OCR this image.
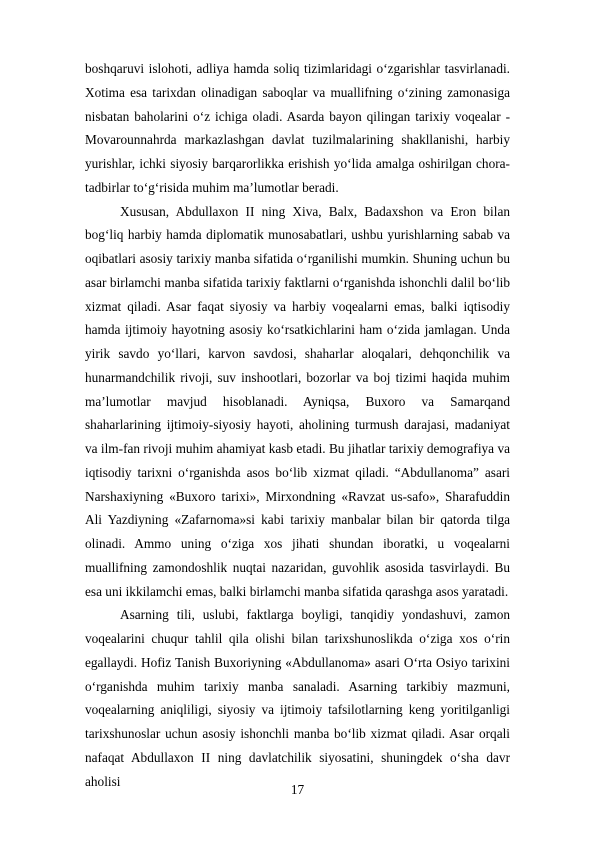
boshqaruvi islohoti, adliya hamda soliq tizimlaridagi o‘zgarishlar tasvirlanadi. Xotima esa tarixdan olinadigan saboqlar va muallifning o‘zining zamonasiga nisbatan baholarini o‘z ichiga oladi. Asarda bayon qilingan tarixiy voqealar - Movarounnahrda markazlashgan davlat tuzilmalarining shakllanishi, harbiy yurishlar, ichki siyosiy barqarorlikka erishish yo‘lida amalga oshirilgan chora-tadbirlar to‘g‘risida muhim ma’lumotlar beradi.

Xususan, Abdullaxon II ning Xiva, Balx, Badaxshon va Eron bilan bog‘liq harbiy hamda diplomatik munosabatlari, ushbu yurishlarning sabab va oqibatlari asosiy tarixiy manba sifatida o‘rganilishi mumkin. Shuning uchun bu asar birlamchi manba sifatida tarixiy faktlarni o‘rganishda ishonchli dalil bo‘lib xizmat qiladi. Asar faqat siyosiy va harbiy voqealarni emas, balki iqtisodiy hamda ijtimoiy hayotning asosiy ko‘rsatkichlarini ham o‘zida jamlagan. Unda yirik savdo yo‘llari, karvon savdosi, shaharlar aloqalari, dehqonchilik va hunarmandchilik rivoji, suv inshootlari, bozorlar va boj tizimi haqida muhim ma’lumotlar mavjud hisoblanadi. Ayniqsa, Buxoro va Samarqand shaharlarining ijtimoiy-siyosiy hayoti, aholining turmush darajasi, madaniyat va ilm-fan rivoji muhim ahamiyat kasb etadi. Bu jihatlar tarixiy demografiya va iqtisodiy tarixni o‘rganishda asos bo‘lib xizmat qiladi. “Abdullanoma” asari Narshaxiyning «Buxoro tarixi», Mirxondning «Ravzat us-safo», Sharafuddin Ali Yazdiyning «Zafarnoma»si kabi tarixiy manbalar bilan bir qatorda tilga olinadi. Ammo uning o‘ziga xos jihati shundan iboratki, u voqealarni muallifning zamondoshlik nuqtai nazaridan, guvohlik asosida tasvirlaydi. Bu esa uni ikkilamchi emas, balki birlamchi manba sifatida qarashga asos yaratadi.

Asarning tili, uslubi, faktlarga boyligi, tanqidiy yondashuvi, zamon voqealarini chuqur tahlil qila olishi bilan tarixshunoslikda o‘ziga xos o‘rin egallaydi. Hofiz Tanish Buxoriyning «Abdullanoma» asari O‘rta Osiyo tarixini o‘rganishda muhim tarixiy manba sanaladi. Asarning tarkibiy mazmuni, voqealarning aniqliligi, siyosiy va ijtimoiy tafsilotlarning keng yoritilganligi tarixshunoslar uchun asosiy ishonchli manba bo‘lib xizmat qiladi. Asar orqali nafaqat Abdullaxon II ning davlatchilik siyosatini, shuningdek o‘sha davr aholisi

17
